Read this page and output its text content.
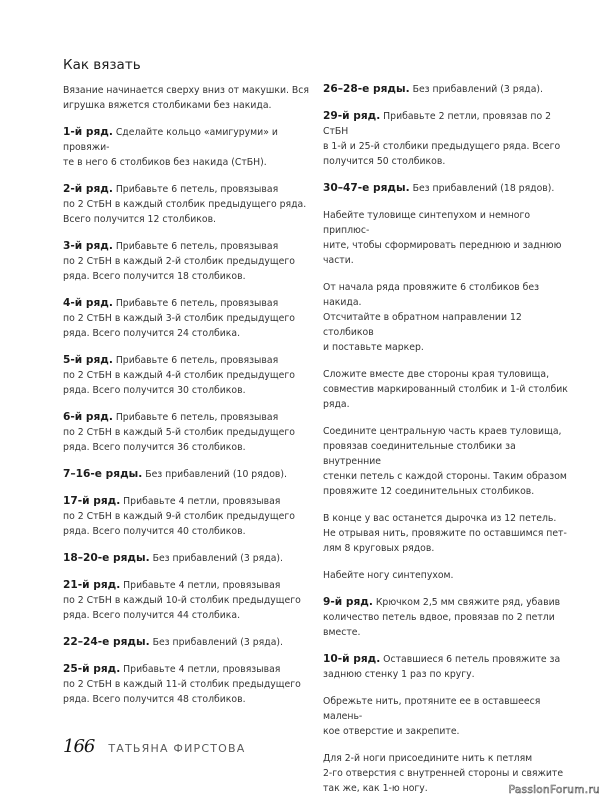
Как вязать

Вязание начинается сверху вниз от макушки. Вся
игрушка вяжется столбиками без накида.

1-й ряд. Сделайте кольцо «амигуруми» и провяжи-
те в него 6 столбиков без накида (СтБН).

2-й ряд. Прибавьте 6 петель, провязывая
по 2 СтБН в каждый столбик предыдущего ряда.
Всего получится 12 столбиков.

3-й ряд. Прибавьте 6 петель, провязывая
по 2 СтБН в каждый 2-й столбик предыдущего
ряда. Всего получится 18 столбиков.

4-й ряд. Прибавьте 6 петель, провязывая
по 2 СтБН в каждый 3-й столбик предыдущего
ряда. Всего получится 24 столбика.

5-й ряд. Прибавьте 6 петель, провязывая
по 2 СтБН в каждый 4-й столбик предыдущего
ряда. Всего получится 30 столбиков.

6-й ряд. Прибавьте 6 петель, провязывая
по 2 СтБН в каждый 5-й столбик предыдущего
ряда. Всего получится 36 столбиков.

7–16-е ряды. Без прибавлений (10 рядов).

17-й ряд. Прибавьте 4 петли, провязывая
по 2 СтБН в каждый 9-й столбик предыдущего
ряда. Всего получится 40 столбиков.

18–20-е ряды. Без прибавлений (3 ряда).

21-й ряд. Прибавьте 4 петли, провязывая
по 2 СтБН в каждый 10-й столбик предыдущего
ряда. Всего получится 44 столбика.

22–24-е ряды. Без прибавлений (3 ряда).

25-й ряд. Прибавьте 4 петли, провязывая
по 2 СтБН в каждый 11-й столбик предыдущего
ряда. Всего получится 48 столбиков.

26–28-е ряды. Без прибавлений (3 ряда).

29-й ряд. Прибавьте 2 петли, провязав по 2 СтБН
в 1-й и 25-й столбики предыдущего ряда. Всего
получится 50 столбиков.

30–47-е ряды. Без прибавлений (18 рядов).

Набейте туловище синтепухом и немного приплюс-
ните, чтобы сформировать переднюю и заднюю
части.

От начала ряда провяжите 6 столбиков без накида.
Отсчитайте в обратном направлении 12 столбиков
и поставьте маркер.

Сложите вместе две стороны края туловища,
совместив маркированный столбик и 1-й столбик
ряда.

Соедините центральную часть краев туловища,
провязав соединительные столбики за внутренние
стенки петель с каждой стороны. Таким образом
провяжите 12 соединительных столбиков.

В конце у вас останется дырочка из 12 петель.
Не отрывая нить, провяжите по оставшимся пет-
лям 8 круговых рядов.

Набейте ногу синтепухом.

9-й ряд. Крючком 2,5 мм свяжите ряд, убавив
количество петель вдвое, провязав по 2 петли
вместе.

10-й ряд. Оставшиеся 6 петель провяжите за
заднюю стенку 1 раз по кругу.

Обрежьте нить, протяните ее в оставшееся малень-
кое отверстие и закрепите.

Для 2-й ноги присоедините нить к петлям
2-го отверстия с внутренней стороны и свяжите
так же, как 1-ю ногу.

166 ТАТЬЯНА ФИРСТОВА
PassionForum.ru
